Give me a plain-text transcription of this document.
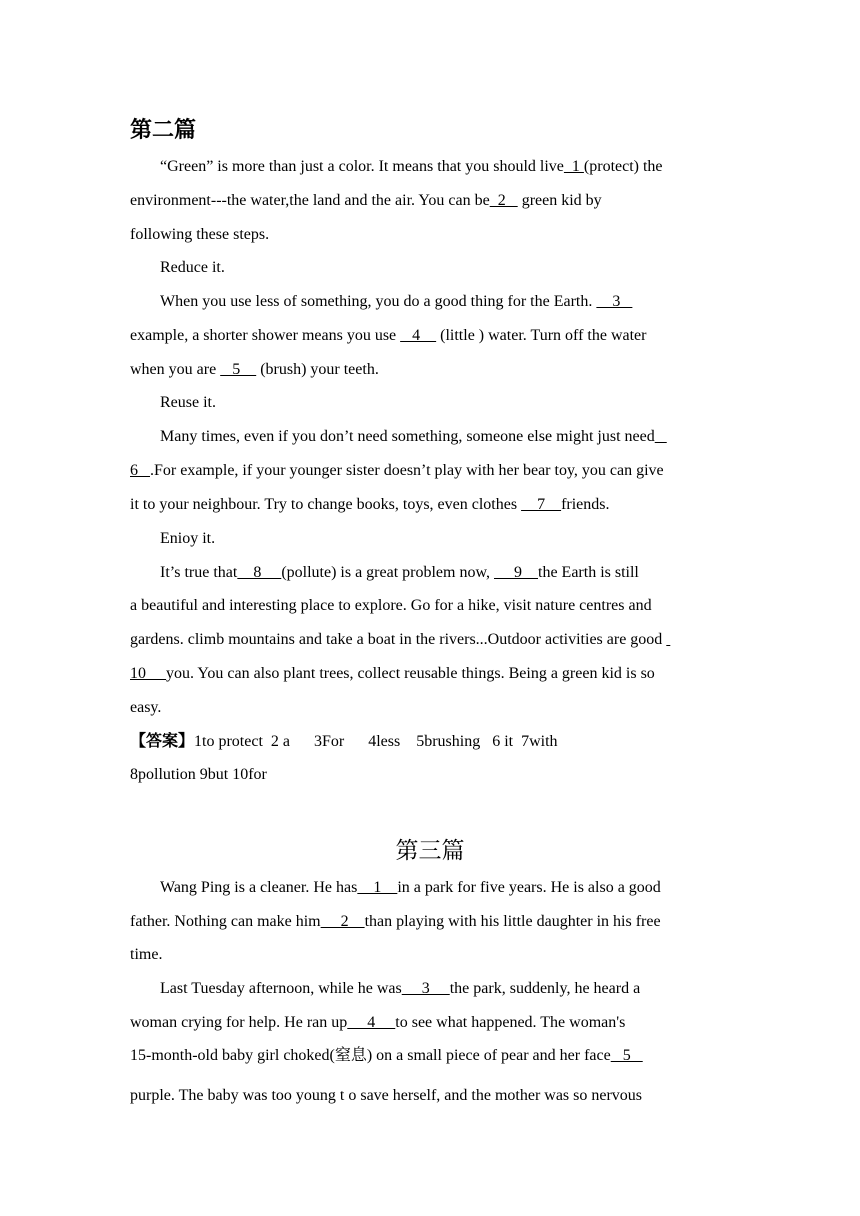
第二篇
“Green” is more than just a color. It means that you should live  1 (protect) the
environment---the water,the land and the air. You can be  2    green kid by
following these steps.
Reduce it.
When you use less of something, you do a good thing for the Earth.     3
example, a shorter shower means you use    4     (little ) water. Turn off the water
when you are    5     (brush) your teeth.
Reuse it.
Many times, even if you don’t need something, someone else might just need
6   .For example, if your younger sister doesn’t play with her bear toy, you can give
it to your neighbour. Try to change books, toys, even clothes     7    friends.
Enioy it.
It’s true that    8     (pollute) is a great problem now,      9    the Earth is still
a beautiful and interesting place to explore. Go for a hike, visit nature centres and
gardens. climb mountains and take a boat in the rivers...Outdoor activities are good
10     you. You can also plant trees, collect reusable things. Being a green kid is so
easy.
【答案】1to protect  2 a      3For      4less    5brushing   6 it  7with
8pollution 9but 10for
第三篇
Wang Ping is a cleaner. He has    1    in a park for five years. He is also a good
father. Nothing can make him     2    than playing with his little daughter in his free
time.
Last Tuesday afternoon, while he was     3     the park, suddenly, he heard a
woman crying for help. He ran up     4     to see what happened. The woman's
15-month-old baby girl choked(窒息) on a small piece of pear and her face   5
purple. The baby was too young t o save herself, and the mother was so nervous
